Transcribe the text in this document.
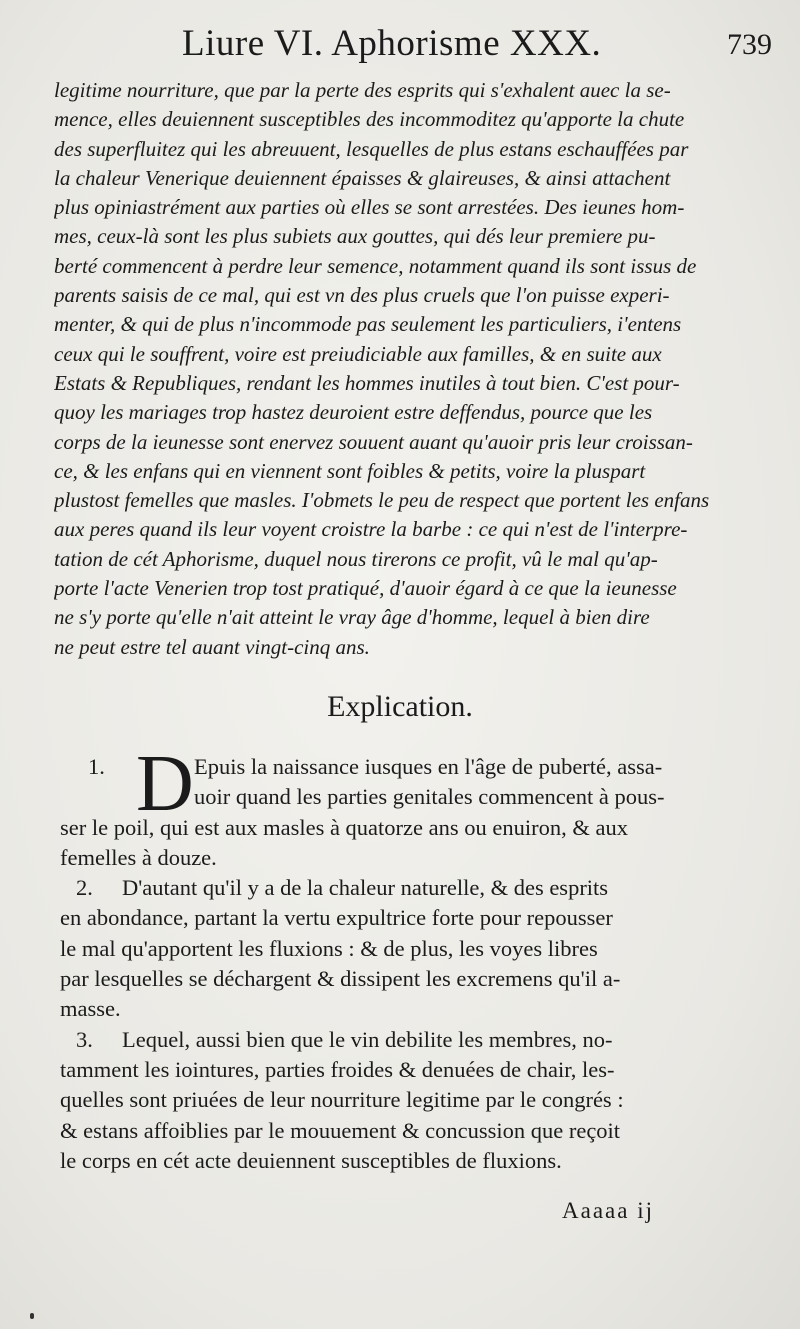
Liure VI. Aphorisme XXX.	739
legitime nourriture, que par la perte des esprits qui s'exhalent auec la se-
mence, elles deuiennent susceptibles des incommoditez qu'apporte la chute
des superfluitez qui les abreuuent, lesquelles de plus estans eschauffées par
la chaleur Venerique deuiennent épaisses & glaireuses, & ainsi attachent
plus opiniastrément aux parties où elles se sont arrestées. Des ieunes hom-
mes, ceux-là sont les plus subiets aux gouttes, qui dés leur premiere pu-
berté commencent à perdre leur semence, notamment quand ils sont issus de
parents saisis de ce mal, qui est vn des plus cruels que l'on puisse experi-
menter, & qui de plus n'incommode pas seulement les particuliers, i'entens
ceux qui le souffrent, voire est preiudiciable aux familles, & en suite aux
Estats & Republiques, rendant les hommes inutiles à tout bien. C'est pour-
quoy les mariages trop hastez deuroient estre deffendus, pource que les
corps de la ieunesse sont enervez souuent auant qu'auoir pris leur croissan-
ce, & les enfans qui en viennent sont foibles & petits, voire la pluspart
plustost femelles que masles. I'obmets le peu de respect que portent les enfans
aux peres quand ils leur voyent croistre la barbe : ce qui n'est de l'interpre-
tation de cét Aphorisme, duquel nous tirerons ce profit, vû le mal qu'ap-
porte l'acte Venerien trop tost pratiqué, d'auoir égard à ce que la ieunesse
ne s'y porte qu'elle n'ait atteint le vray âge d'homme, lequel à bien dire
ne peut estre tel auant vingt-cinq ans.
Explication.
D
1.	Epuis la naissance iusques en l'âge de puberté, assa-
uoir quand les parties genitales commencent à pous-
ser le poil, qui est aux masles à quatorze ans ou enuiron, & aux
femelles à douze.
2. D'autant qu'il y a de la chaleur naturelle, & des esprits
en abondance, partant la vertu expultrice forte pour repousser
le mal qu'apportent les fluxions : & de plus, les voyes libres
par lesquelles se déchargent & dissipent les excremens qu'il a-
masse.
3. Lequel, aussi bien que le vin debilite les membres, no-
tamment les iointures, parties froides & denuées de chair, les-
quelles sont priuées de leur nourriture legitime par le congrés :
& estans affoiblies par le mouuement & concussion que reçoit
le corps en cét acte deuiennent susceptibles de fluxions.
Aaaaa ij
